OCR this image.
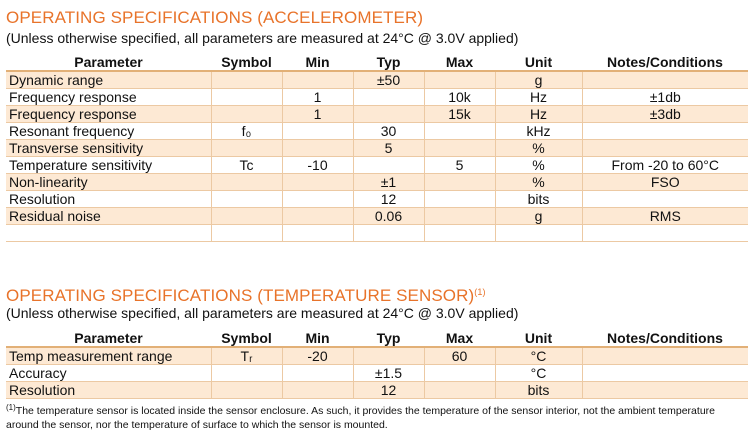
OPERATING SPECIFICATIONS (ACCELEROMETER)
(Unless otherwise specified, all parameters are measured at 24°C @ 3.0V applied)
Parameter	Symbol	Min	Typ	Max	Unit	Notes/Conditions
Dynamic range			±50		g	
Frequency response		1		10k	Hz	±1db
Frequency response		1		15k	Hz	±3db
Resonant frequency	f₀		30		kHz	
Transverse sensitivity			5		%	
Temperature sensitivity	Tc	-10		5	%	From -20 to 60°C
Non-linearity			±1		%	FSO
Resolution			12		bits	
Residual noise			0.06		g	RMS

OPERATING SPECIFICATIONS (TEMPERATURE SENSOR)$^{(1)}$
(Unless otherwise specified, all parameters are measured at 24°C @ 3.0V applied)
Parameter	Symbol	Min	Typ	Max	Unit	Notes/Conditions
Temp measurement range	Tᵣ	-20		60	°C	
Accuracy			±1.5		°C	
Resolution			12		bits	
$^{(1)}$The temperature sensor is located inside the sensor enclosure. As such, it provides the temperature of the sensor interior, not the ambient temperature around the sensor, nor the temperature of surface to which the sensor is mounted.
